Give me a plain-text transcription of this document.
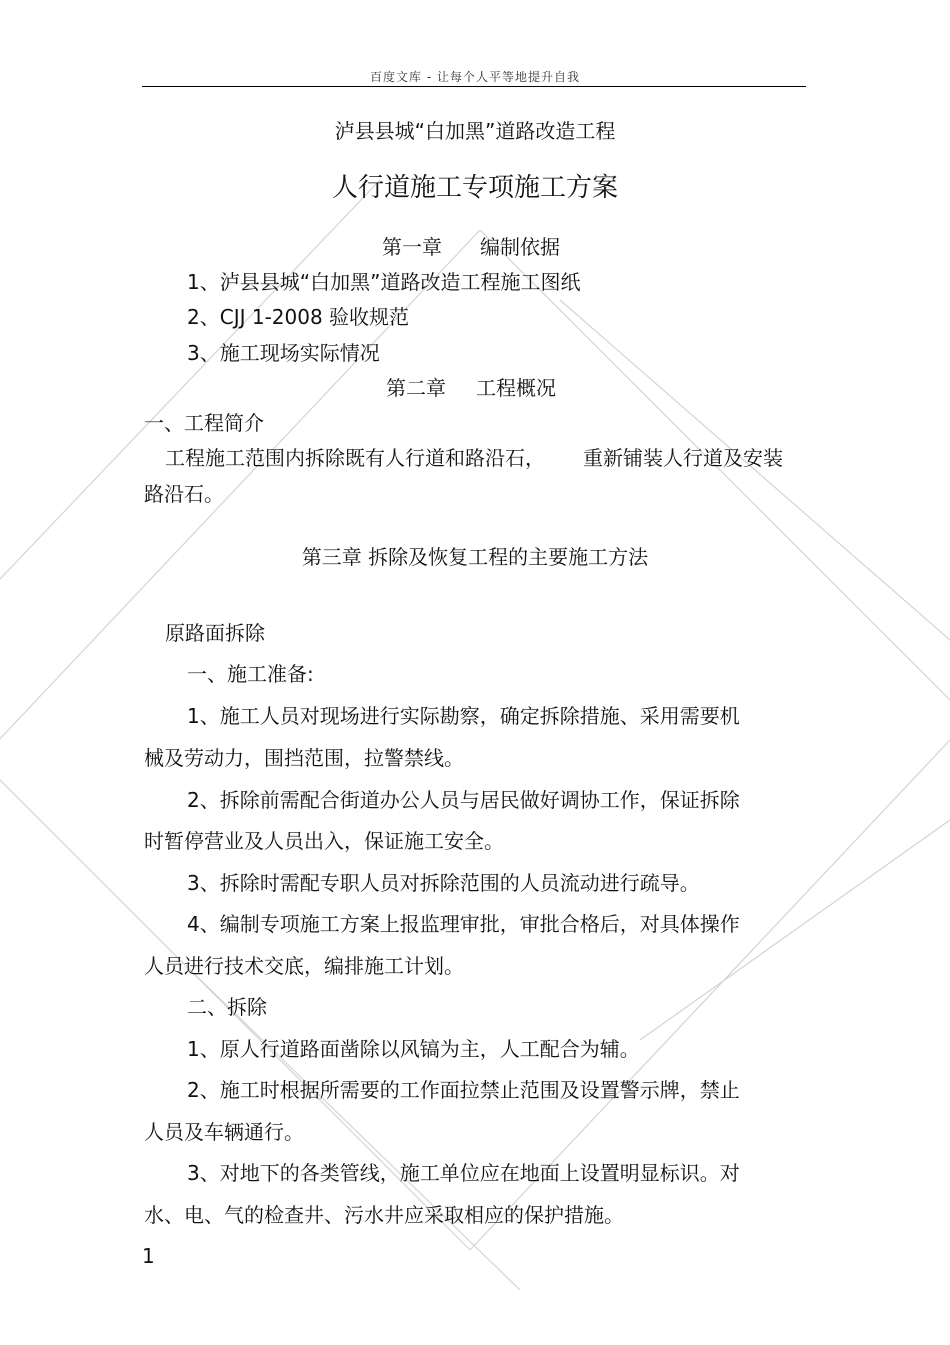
百度文库 - 让每个人平等地提升自我
泸县县城“白加黑”道路改造工程
人行道施工专项施工方案
第一章 编制依据
1、泸县县城“白加黑”道路改造工程施工图纸
2、CJJ 1-2008 验收规范
3、施工现场实际情况
第二章 工程概况
一、工程简介
工程施工范围内拆除既有人行道和路沿石， 重新铺装人行道及安装
路沿石。
第三章 拆除及恢复工程的主要施工方法
原路面拆除
一、施工准备:
1、施工人员对现场进行实际勘察，确定拆除措施、采用需要机
械及劳动力，围挡范围，拉警禁线。
2、拆除前需配合街道办公人员与居民做好调协工作，保证拆除
时暂停营业及人员出入，保证施工安全。
3、拆除时需配专职人员对拆除范围的人员流动进行疏导。
4、编制专项施工方案上报监理审批，审批合格后，对具体操作
人员进行技术交底，编排施工计划。
二、拆除
1、原人行道路面凿除以风镐为主，人工配合为辅。
2、施工时根据所需要的工作面拉禁止范围及设置警示牌，禁止
人员及车辆通行。
3、对地下的各类管线，施工单位应在地面上设置明显标识。对
水、电、气的检查井、污水井应采取相应的保护措施。
1
